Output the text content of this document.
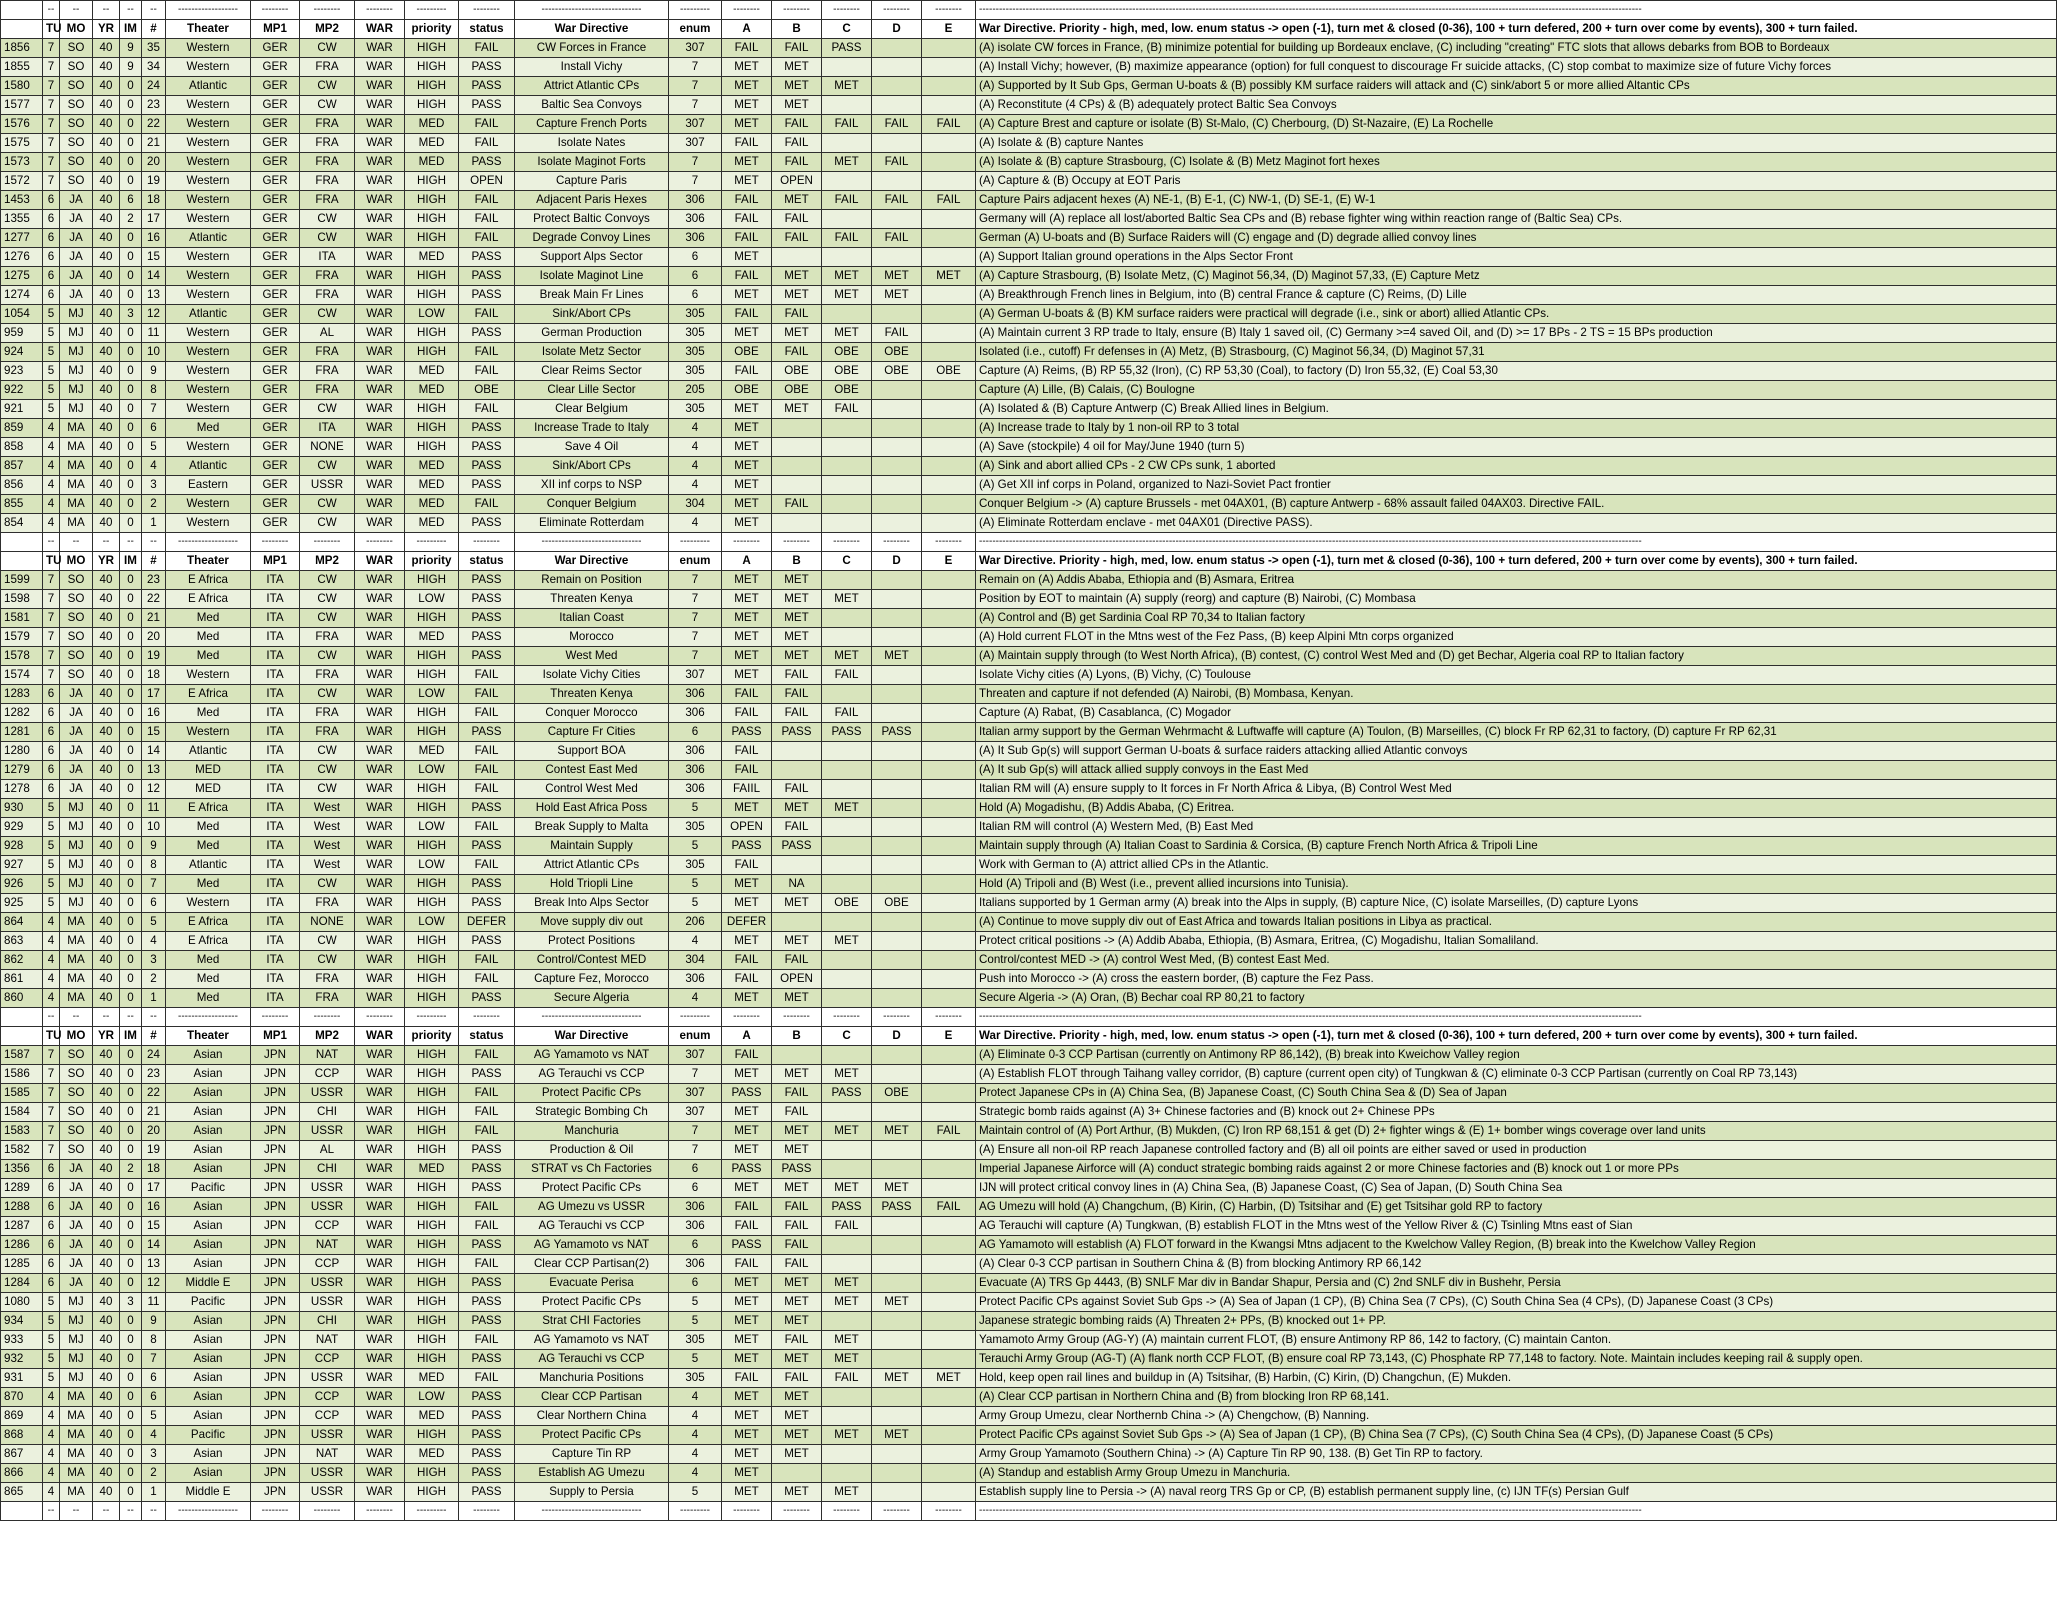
	--	--	--	--	--	------------------	--------	--------	--------	---------	--------	------------------------------	---------	--------	--------	--------	--------	--------	-------------------------------------------------------------------------------------------------------------------------------------------------------------------------------------------------------
	TU	MO	YR	IM	#	Theater	MP1	MP2	WAR	priority	status	War Directive	enum	A	B	C	D	E	War Directive. Priority - high, med, low. enum status -> open (-1), turn met & closed (0-36), 100 + turn defered, 200 + turn over come by events), 300 + turn failed.
1856	7	SO	40	9	35	Western	GER	CW	WAR	HIGH	FAIL	CW Forces in France	307	FAIL	FAIL	PASS			(A) isolate CW forces in France, (B) minimize potential for building up Bordeaux enclave, (C) including "creating" FTC slots that allows debarks from BOB to Bordeaux
1855	7	SO	40	9	34	Western	GER	FRA	WAR	HIGH	PASS	Install Vichy	7	MET	MET				(A) Install Vichy; however, (B) maximize appearance (option) for full conquest to discourage Fr suicide attacks, (C) stop combat to maximize size of future Vichy forces
1580	7	SO	40	0	24	Atlantic	GER	CW	WAR	HIGH	PASS	Attrict Atlantic CPs	7	MET	MET	MET			(A) Supported by It Sub Gps, German U-boats & (B) possibly KM surface raiders will attack and (C) sink/abort 5 or more allied Altantic CPs
1577	7	SO	40	0	23	Western	GER	CW	WAR	HIGH	PASS	Baltic Sea Convoys	7	MET	MET				(A) Reconstitute (4 CPs) & (B) adequately protect Baltic Sea Convoys
1576	7	SO	40	0	22	Western	GER	FRA	WAR	MED	FAIL	Capture French Ports	307	MET	FAIL	FAIL	FAIL	FAIL	(A) Capture Brest and capture or isolate (B) St-Malo, (C) Cherbourg, (D) St-Nazaire, (E) La Rochelle
1575	7	SO	40	0	21	Western	GER	FRA	WAR	MED	FAIL	Isolate Nates	307	FAIL	FAIL				(A) Isolate & (B) capture Nantes
1573	7	SO	40	0	20	Western	GER	FRA	WAR	MED	PASS	Isolate Maginot Forts	7	MET	FAIL	MET	FAIL		(A) Isolate & (B) capture Strasbourg, (C) Isolate & (B) Metz Maginot fort hexes
1572	7	SO	40	0	19	Western	GER	FRA	WAR	HIGH	OPEN	Capture Paris	7	MET	OPEN				(A) Capture & (B) Occupy at EOT Paris
1453	6	JA	40	6	18	Western	GER	FRA	WAR	HIGH	FAIL	Adjacent Paris Hexes	306	FAIL	MET	FAIL	FAIL	FAIL	Capture Pairs adjacent hexes (A) NE-1, (B) E-1, (C) NW-1, (D) SE-1, (E) W-1
1355	6	JA	40	2	17	Western	GER	CW	WAR	HIGH	FAIL	Protect Baltic Convoys	306	FAIL	FAIL				Germany will (A) replace all lost/aborted Baltic Sea CPs and (B) rebase fighter wing within reaction range of (Baltic Sea) CPs.
1277	6	JA	40	0	16	Atlantic	GER	CW	WAR	HIGH	FAIL	Degrade Convoy Lines	306	FAIL	FAIL	FAIL	FAIL		German (A) U-boats and (B) Surface Raiders will (C) engage and (D) degrade allied convoy lines
1276	6	JA	40	0	15	Western	GER	ITA	WAR	MED	PASS	Support Alps Sector	6	MET					(A) Support Italian ground operations in the Alps Sector Front
1275	6	JA	40	0	14	Western	GER	FRA	WAR	HIGH	PASS	Isolate Maginot Line	6	FAIL	MET	MET	MET	MET	(A) Capture Strasbourg, (B) Isolate Metz, (C) Maginot 56,34, (D) Maginot 57,33, (E) Capture Metz
1274	6	JA	40	0	13	Western	GER	FRA	WAR	HIGH	PASS	Break Main Fr Lines	6	MET	MET	MET	MET		(A) Breakthrough French lines in Belgium, into (B) central France & capture (C) Reims, (D) Lille
1054	5	MJ	40	3	12	Atlantic	GER	CW	WAR	LOW	FAIL	Sink/Abort CPs	305	FAIL	FAIL				(A) German U-boats & (B) KM surface raiders were practical will degrade (i.e., sink or abort) allied Atlantic CPs.
959	5	MJ	40	0	11	Western	GER	AL	WAR	HIGH	PASS	German Production	305	MET	MET	MET	FAIL		(A) Maintain current 3 RP trade to Italy, ensure (B) Italy 1 saved oil, (C) Germany >=4 saved Oil, and (D) >= 17 BPs - 2 TS = 15 BPs production
924	5	MJ	40	0	10	Western	GER	FRA	WAR	HIGH	FAIL	Isolate Metz Sector	305	OBE	FAIL	OBE	OBE		Isolated (i.e., cutoff) Fr defenses in (A) Metz, (B) Strasbourg, (C) Maginot 56,34, (D) Maginot 57,31
923	5	MJ	40	0	9	Western	GER	FRA	WAR	MED	FAIL	Clear Reims Sector	305	FAIL	OBE	OBE	OBE	OBE	Capture (A) Reims, (B) RP 55,32 (Iron), (C) RP 53,30 (Coal), to factory (D) Iron 55,32, (E) Coal 53,30
922	5	MJ	40	0	8	Western	GER	FRA	WAR	MED	OBE	Clear Lille Sector	205	OBE	OBE	OBE			Capture (A) Lille, (B) Calais, (C) Boulogne
921	5	MJ	40	0	7	Western	GER	CW	WAR	HIGH	FAIL	Clear Belgium	305	MET	MET	FAIL			(A) Isolated & (B) Capture Antwerp (C) Break Allied lines in Belgium.
859	4	MA	40	0	6	Med	GER	ITA	WAR	HIGH	PASS	Increase Trade to Italy	4	MET					(A) Increase trade to Italy by 1 non-oil RP to 3 total
858	4	MA	40	0	5	Western	GER	NONE	WAR	HIGH	PASS	Save 4 Oil	4	MET					(A) Save (stockpile) 4 oil for May/June 1940 (turn 5)
857	4	MA	40	0	4	Atlantic	GER	CW	WAR	MED	PASS	Sink/Abort CPs	4	MET					(A) Sink and abort allied CPs - 2 CW CPs sunk, 1 aborted
856	4	MA	40	0	3	Eastern	GER	USSR	WAR	MED	PASS	XII inf corps to NSP	4	MET					(A) Get XII inf corps in Poland, organized to Nazi-Soviet Pact frontier
855	4	MA	40	0	2	Western	GER	CW	WAR	MED	FAIL	Conquer Belgium	304	MET	FAIL				Conquer Belgium -> (A) capture Brussels - met 04AX01, (B) capture Antwerp - 68% assault failed 04AX03. Directive FAIL.
854	4	MA	40	0	1	Western	GER	CW	WAR	MED	PASS	Eliminate Rotterdam	4	MET					(A) Eliminate Rotterdam enclave - met 04AX01 (Directive PASS).
	--	--	--	--	--	------------------	--------	--------	--------	---------	--------	------------------------------	---------	--------	--------	--------	--------	--------	-------------------------------------------------------------------------------------------------------------------------------------------------------------------------------------------------------
	TU	MO	YR	IM	#	Theater	MP1	MP2	WAR	priority	status	War Directive	enum	A	B	C	D	E	War Directive. Priority - high, med, low. enum status -> open (-1), turn met & closed (0-36), 100 + turn defered, 200 + turn over come by events), 300 + turn failed.
1599	7	SO	40	0	23	E Africa	ITA	CW	WAR	HIGH	PASS	Remain on Position	7	MET	MET				Remain on (A) Addis Ababa, Ethiopia and (B) Asmara, Eritrea
1598	7	SO	40	0	22	E Africa	ITA	CW	WAR	LOW	PASS	Threaten Kenya	7	MET	MET	MET			Position by EOT to maintain (A) supply (reorg) and capture (B) Nairobi, (C) Mombasa
1581	7	SO	40	0	21	Med	ITA	CW	WAR	HIGH	PASS	Italian Coast	7	MET	MET				(A) Control and (B) get Sardinia Coal RP 70,34 to Italian factory
1579	7	SO	40	0	20	Med	ITA	FRA	WAR	MED	PASS	Morocco	7	MET	MET				(A) Hold current FLOT in the Mtns west of the Fez Pass, (B) keep Alpini Mtn corps organized
1578	7	SO	40	0	19	Med	ITA	CW	WAR	HIGH	PASS	West Med	7	MET	MET	MET	MET		(A) Maintain supply through (to West North Africa), (B) contest, (C) control West Med and (D) get Bechar, Algeria coal RP to Italian factory
1574	7	SO	40	0	18	Western	ITA	FRA	WAR	HIGH	FAIL	Isolate Vichy Cities	307	MET	FAIL	FAIL			Isolate Vichy cities (A) Lyons, (B) Vichy, (C) Toulouse
1283	6	JA	40	0	17	E Africa	ITA	CW	WAR	LOW	FAIL	Threaten Kenya	306	FAIL	FAIL				Threaten and capture if not defended (A) Nairobi, (B) Mombasa, Kenyan.
1282	6	JA	40	0	16	Med	ITA	FRA	WAR	HIGH	FAIL	Conquer Morocco	306	FAIL	FAIL	FAIL			Capture (A) Rabat, (B) Casablanca, (C) Mogador
1281	6	JA	40	0	15	Western	ITA	FRA	WAR	HIGH	PASS	Capture Fr Cities	6	PASS	PASS	PASS	PASS		Italian army support by the German Wehrmacht & Luftwaffe will capture (A) Toulon, (B) Marseilles, (C) block Fr RP 62,31 to factory, (D) capture Fr RP 62,31
1280	6	JA	40	0	14	Atlantic	ITA	CW	WAR	MED	FAIL	Support BOA	306	FAIL					(A) It Sub Gp(s) will support German U-boats & surface raiders attacking allied Atlantic convoys
1279	6	JA	40	0	13	MED	ITA	CW	WAR	LOW	FAIL	Contest East Med	306	FAIL					(A) It sub Gp(s) will attack allied supply convoys in the East Med
1278	6	JA	40	0	12	MED	ITA	CW	WAR	HIGH	FAIL	Control West Med	306	FAIIL	FAIL				Italian RM will (A) ensure supply to It forces in Fr North Africa & Libya, (B) Control West Med
930	5	MJ	40	0	11	E Africa	ITA	West	WAR	HIGH	PASS	Hold East Africa Poss	5	MET	MET	MET			Hold (A) Mogadishu, (B) Addis Ababa, (C) Eritrea.
929	5	MJ	40	0	10	Med	ITA	West	WAR	LOW	FAIL	Break Supply to Malta	305	OPEN	FAIL				Italian RM will control (A) Western Med, (B) East Med
928	5	MJ	40	0	9	Med	ITA	West	WAR	HIGH	PASS	Maintain Supply	5	PASS	PASS				Maintain supply through (A) Italian Coast to Sardinia & Corsica, (B) capture French North Africa & Tripoli Line
927	5	MJ	40	0	8	Atlantic	ITA	West	WAR	LOW	FAIL	Attrict Atlantic CPs	305	FAIL					Work with German to (A) attrict allied CPs in the Atlantic.
926	5	MJ	40	0	7	Med	ITA	CW	WAR	HIGH	PASS	Hold Triopli Line	5	MET	NA				Hold (A) Tripoli and (B) West (i.e., prevent allied incursions into Tunisia).
925	5	MJ	40	0	6	Western	ITA	FRA	WAR	HIGH	PASS	Break Into Alps Sector	5	MET	MET	OBE	OBE		Italians supported by 1 German army (A) break into the Alps in supply, (B) capture Nice, (C) isolate Marseilles, (D) capture Lyons
864	4	MA	40	0	5	E Africa	ITA	NONE	WAR	LOW	DEFER	Move supply div out	206	DEFER					(A) Continue to move supply div out of East Africa and towards Italian positions in Libya as practical.
863	4	MA	40	0	4	E Africa	ITA	CW	WAR	HIGH	PASS	Protect Positions	4	MET	MET	MET			Protect critical positions -> (A) Addib Ababa, Ethiopia, (B) Asmara, Eritrea, (C) Mogadishu, Italian Somaliland.
862	4	MA	40	0	3	Med	ITA	CW	WAR	HIGH	FAIL	Control/Contest MED	304	FAIL	FAIL				Control/contest MED -> (A) control West Med, (B) contest East Med.
861	4	MA	40	0	2	Med	ITA	FRA	WAR	HIGH	FAIL	Capture Fez, Morocco	306	FAIL	OPEN				Push into Morocco -> (A) cross the eastern border, (B) capture the Fez Pass.
860	4	MA	40	0	1	Med	ITA	FRA	WAR	HIGH	PASS	Secure Algeria	4	MET	MET				Secure Algeria -> (A) Oran, (B) Bechar coal RP 80,21 to factory
	--	--	--	--	--	------------------	--------	--------	--------	---------	--------	------------------------------	---------	--------	--------	--------	--------	--------	-------------------------------------------------------------------------------------------------------------------------------------------------------------------------------------------------------
	TU	MO	YR	IM	#	Theater	MP1	MP2	WAR	priority	status	War Directive	enum	A	B	C	D	E	War Directive. Priority - high, med, low. enum status -> open (-1), turn met & closed (0-36), 100 + turn defered, 200 + turn over come by events), 300 + turn failed.
1587	7	SO	40	0	24	Asian	JPN	NAT	WAR	HIGH	FAIL	AG Yamamoto vs NAT	307	FAIL					(A) Eliminate 0-3 CCP Partisan (currently on Antimony RP 86,142), (B) break into Kweichow Valley region
1586	7	SO	40	0	23	Asian	JPN	CCP	WAR	HIGH	PASS	AG Terauchi vs CCP	7	MET	MET	MET			(A) Establish FLOT through Taihang valley corridor, (B) capture (current open city) of Tungkwan & (C) eliminate 0-3 CCP Partisan (currently on Coal RP 73,143)
1585	7	SO	40	0	22	Asian	JPN	USSR	WAR	HIGH	FAIL	Protect Pacific CPs	307	PASS	FAIL	PASS	OBE		Protect Japanese CPs in (A) China Sea, (B) Japanese Coast, (C) South China Sea & (D) Sea of Japan
1584	7	SO	40	0	21	Asian	JPN	CHI	WAR	HIGH	FAIL	Strategic Bombing Ch	307	MET	FAIL				Strategic bomb raids against (A) 3+ Chinese factories and (B) knock out 2+ Chinese PPs
1583	7	SO	40	0	20	Asian	JPN	USSR	WAR	HIGH	FAIL	Manchuria	7	MET	MET	MET	MET	FAIL	Maintain control of (A) Port Arthur, (B) Mukden, (C) Iron RP 68,151 & get (D) 2+ fighter wings & (E) 1+ bomber wings coverage over land units
1582	7	SO	40	0	19	Asian	JPN	AL	WAR	HIGH	PASS	Production & Oil	7	MET	MET				(A) Ensure all non-oil RP reach Japanese controlled factory and (B) all oil points are either saved or used in production
1356	6	JA	40	2	18	Asian	JPN	CHI	WAR	MED	PASS	STRAT vs Ch Factories	6	PASS	PASS				Imperial Japanese Airforce will (A) conduct strategic bombing raids against 2 or more Chinese factories and (B) knock out 1 or more PPs
1289	6	JA	40	0	17	Pacific	JPN	USSR	WAR	HIGH	PASS	Protect Pacific CPs	6	MET	MET	MET	MET		IJN will protect critical convoy lines in (A) China Sea, (B) Japanese Coast, (C) Sea of Japan, (D) South China Sea
1288	6	JA	40	0	16	Asian	JPN	USSR	WAR	HIGH	FAIL	AG Umezu vs USSR	306	FAIL	FAIL	PASS	PASS	FAIL	AG Umezu will hold (A) Changchum, (B) Kirin, (C) Harbin, (D) Tsitsihar and (E) get Tsitsihar gold RP to factory
1287	6	JA	40	0	15	Asian	JPN	CCP	WAR	HIGH	FAIL	AG Terauchi vs CCP	306	FAIL	FAIL	FAIL			AG Terauchi will capture (A) Tungkwan, (B) establish FLOT in the Mtns west of the Yellow River & (C) Tsinling Mtns east of Sian
1286	6	JA	40	0	14	Asian	JPN	NAT	WAR	HIGH	PASS	AG Yamamoto vs NAT	6	PASS	FAIL				AG Yamamoto will establish (A) FLOT forward in the Kwangsi Mtns adjacent to the Kwelchow Valley Region, (B) break into the Kwelchow Valley Region
1285	6	JA	40	0	13	Asian	JPN	CCP	WAR	HIGH	FAIL	Clear CCP Partisan(2)	306	FAIL	FAIL				(A) Clear 0-3 CCP partisan in Southern China & (B) from blocking Antimory RP 66,142
1284	6	JA	40	0	12	Middle E	JPN	USSR	WAR	HIGH	PASS	Evacuate Perisa	6	MET	MET	MET			Evacuate (A) TRS Gp 4443, (B) SNLF Mar div in Bandar Shapur, Persia and (C) 2nd SNLF div in Bushehr, Persia
1080	5	MJ	40	3	11	Pacific	JPN	USSR	WAR	HIGH	PASS	Protect Pacific CPs	5	MET	MET	MET	MET		Protect Pacific CPs against Soviet Sub Gps -> (A) Sea of Japan (1 CP), (B) China Sea (7 CPs), (C) South China Sea (4 CPs), (D) Japanese Coast (3 CPs)
934	5	MJ	40	0	9	Asian	JPN	CHI	WAR	HIGH	PASS	Strat CHI Factories	5	MET	MET				Japanese strategic bombing raids (A) Threaten 2+ PPs, (B) knocked out 1+ PP.
933	5	MJ	40	0	8	Asian	JPN	NAT	WAR	HIGH	FAIL	AG Yamamoto vs NAT	305	MET	FAIL	MET			Yamamoto Army Group (AG-Y) (A) maintain current FLOT, (B) ensure Antimony RP 86, 142 to factory, (C) maintain Canton.
932	5	MJ	40	0	7	Asian	JPN	CCP	WAR	HIGH	PASS	AG Terauchi vs CCP	5	MET	MET	MET			Terauchi Army Group (AG-T) (A) flank north CCP FLOT, (B) ensure coal RP 73,143, (C) Phosphate RP 77,148 to factory. Note. Maintain includes keeping rail & supply open.
931	5	MJ	40	0	6	Asian	JPN	USSR	WAR	MED	FAIL	Manchuria Positions	305	FAIL	FAIL	FAIL	MET	MET	Hold, keep open rail lines and buildup in (A) Tsitsihar, (B) Harbin, (C) Kirin, (D) Changchun, (E) Mukden.
870	4	MA	40	0	6	Asian	JPN	CCP	WAR	LOW	PASS	Clear CCP Partisan	4	MET	MET				(A) Clear CCP partisan in Northern China and (B) from blocking Iron RP 68,141.
869	4	MA	40	0	5	Asian	JPN	CCP	WAR	MED	PASS	Clear Northern China	4	MET	MET				Army Group Umezu, clear Northernb China -> (A) Chengchow, (B) Nanning.
868	4	MA	40	0	4	Pacific	JPN	USSR	WAR	HIGH	PASS	Protect Pacific CPs	4	MET	MET	MET	MET		Protect Pacific CPs against Soviet Sub Gps -> (A) Sea of Japan (1 CP), (B) China Sea (7 CPs), (C) South China Sea (4 CPs), (D) Japanese Coast (5 CPs)
867	4	MA	40	0	3	Asian	JPN	NAT	WAR	MED	PASS	Capture Tin RP	4	MET	MET				Army Group Yamamoto (Southern China) -> (A) Capture Tin RP 90, 138. (B) Get Tin RP to factory.
866	4	MA	40	0	2	Asian	JPN	USSR	WAR	HIGH	PASS	Establish AG Umezu	4	MET					(A) Standup and establish Army Group Umezu in Manchuria.
865	4	MA	40	0	1	Middle E	JPN	USSR	WAR	HIGH	PASS	Supply to Persia	5	MET	MET	MET			Establish supply line to Persia -> (A) naval reorg TRS Gp or CP, (B) establish permanent supply line, (c) IJN TF(s) Persian Gulf
	--	--	--	--	--	------------------	--------	--------	--------	---------	--------	------------------------------	---------	--------	--------	--------	--------	--------	-------------------------------------------------------------------------------------------------------------------------------------------------------------------------------------------------------
